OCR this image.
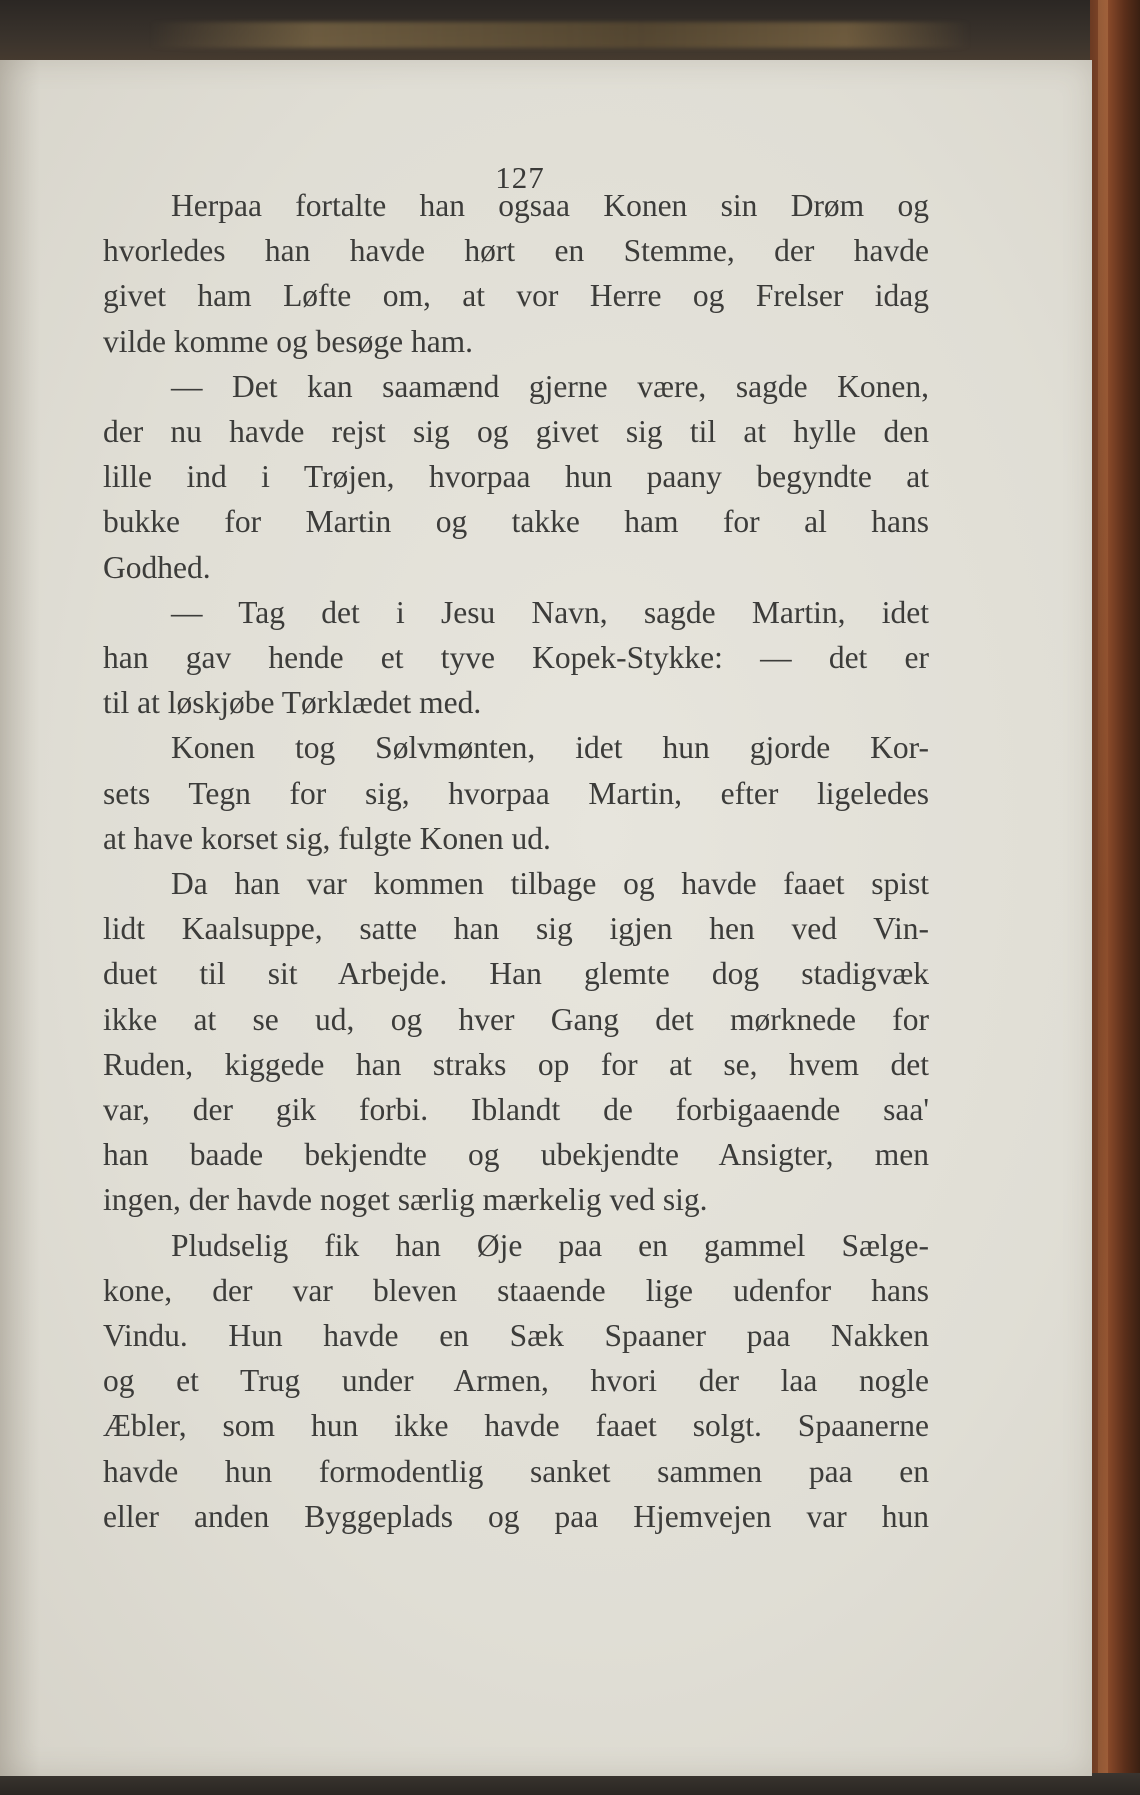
127
Herpaa fortalte han ogsaa Konen sin Drøm og
hvorledes han havde hørt en Stemme, der havde
givet ham Løfte om, at vor Herre og Frelser idag
vilde komme og besøge ham.
— Det kan saamænd gjerne være, sagde Konen,
der nu havde rejst sig og givet sig til at hylle den
lille ind i Trøjen, hvorpaa hun paany begyndte at
bukke for Martin og takke ham for al hans
Godhed.
— Tag det i Jesu Navn, sagde Martin, idet
han gav hende et tyve Kopek-Stykke: — det er
til at løskjøbe Tørklædet med.
Konen tog Sølvmønten, idet hun gjorde Kor-
sets Tegn for sig, hvorpaa Martin, efter ligeledes
at have korset sig, fulgte Konen ud.
Da han var kommen tilbage og havde faaet spist
lidt Kaalsuppe, satte han sig igjen hen ved Vin-
duet til sit Arbejde. Han glemte dog stadigvæk
ikke at se ud, og hver Gang det mørknede for
Ruden, kiggede han straks op for at se, hvem det
var, der gik forbi. Iblandt de forbigaaende saa'
han baade bekjendte og ubekjendte Ansigter, men
ingen, der havde noget særlig mærkelig ved sig.
Pludselig fik han Øje paa en gammel Sælge-
kone, der var bleven staaende lige udenfor hans
Vindu. Hun havde en Sæk Spaaner paa Nakken
og et Trug under Armen, hvori der laa nogle
Æbler, som hun ikke havde faaet solgt. Spaanerne
havde hun formodentlig sanket sammen paa en
eller anden Byggeplads og paa Hjemvejen var hun
